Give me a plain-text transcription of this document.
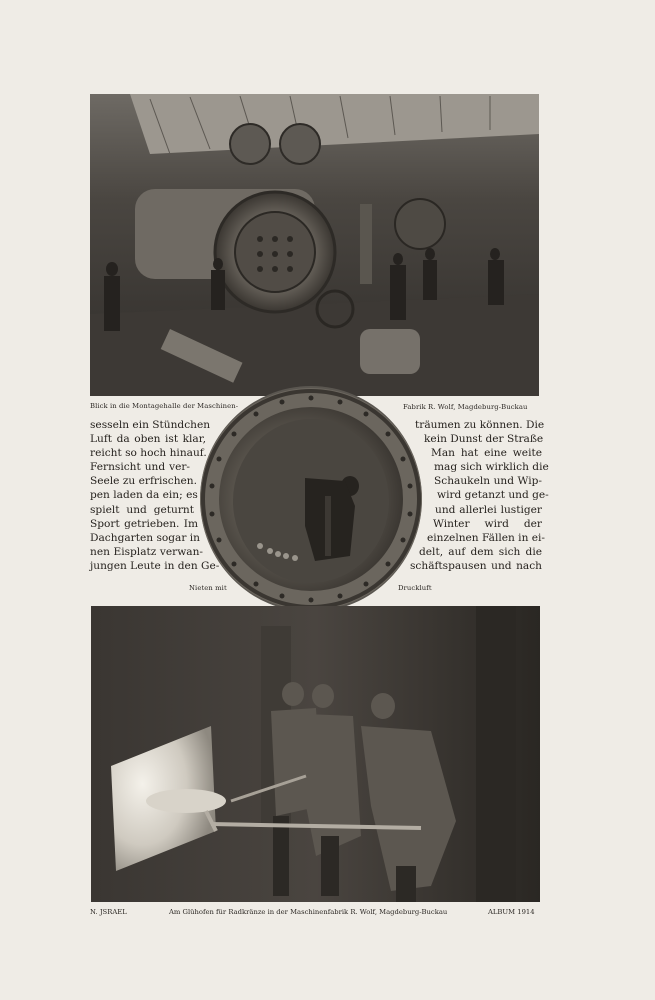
Blick in die Montagehalle der Maschinen-	Fabrik R. Wolf, Magdeburg-Buckau
sesseln ein Stündchen
Luft da oben ist klar,
reicht so hoch hinauf.
Fernsicht und ver-
Seele zu erfrischen.
pen laden da ein; es
spielt und geturnt
Sport getrieben. Im
Dachgarten sogar in
nen Eisplatz verwan-
jungen Leute in den Ge-
träumen zu können. Die
kein Dunst der Straße
Man hat eine weite
mag sich wirklich die
Schaukeln und Wip-
wird getanzt und ge-
und allerlei lustiger
Winter wird der
einzelnen Fällen in ei-
delt, auf dem sich die
schäftspausen und nach
Nieten mit	Druckluft
N. JSRAEL	Am Glühofen für Radkränze in der Maschinenfabrik R. Wolf, Magdeburg-Buckau	ALBUM 1914
